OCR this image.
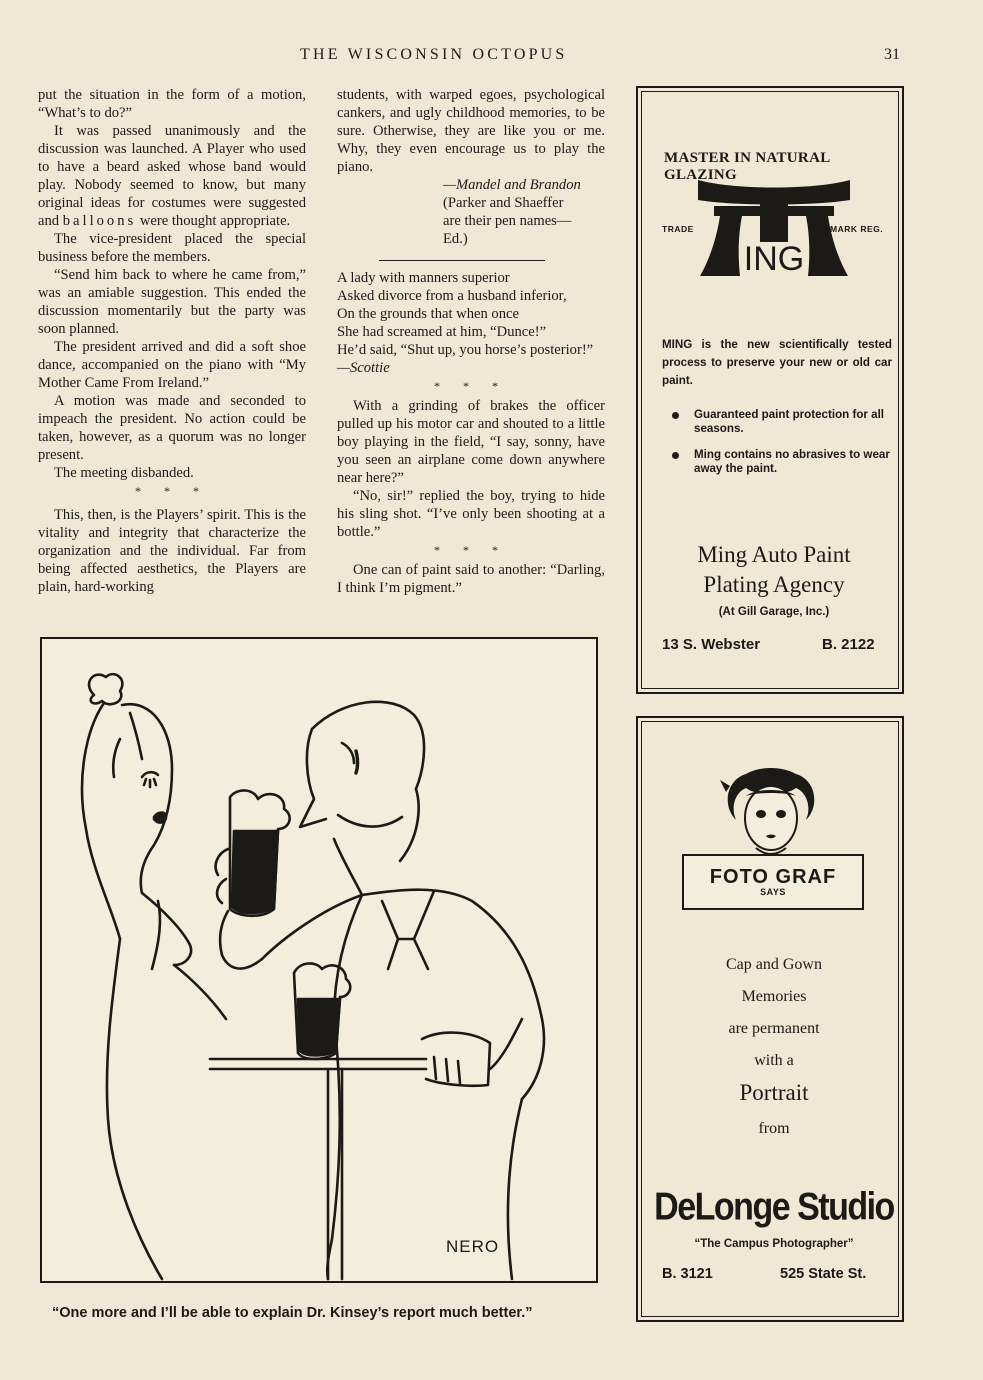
THE WISCONSIN OCTOPUS	31

put the situation in the form of a motion, “What’s to do?”

It was passed unanimously and the discussion was launched. A Player who used to have a beard asked whose band would play. Nobody seemed to know, but many original ideas for costumes were suggested and balloons were thought appropriate.

The vice-president placed the special business before the members.

“Send him back to where he came from,” was an amiable suggestion. This ended the discussion momentarily but the party was soon planned.

The president arrived and did a soft shoe dance, accompanied on the piano with “My Mother Came From Ireland.”

A motion was made and seconded to impeach the president. No action could be taken, however, as a quorum was no longer present.

The meeting disbanded.

* * *

This, then, is the Players’ spirit. This is the vitality and integrity that characterize the organization and the individual. Far from being affected aesthetics, the Players are plain, hard-working

students, with warped egoes, psychological cankers, and ugly childhood memories, to be sure. Otherwise, they are like you or me. Why, they even encourage us to play the piano.

—Mandel and Brandon

(Parker and Shaeffer

are their pen names—

Ed.)

A lady with manners superior

Asked divorce from a husband inferior,

On the grounds that when once

She had screamed at him, “Dunce!”

He’d said, “Shut up, you horse’s posterior!”

—Scottie

* * *

With a grinding of brakes the officer pulled up his motor car and shouted to a little boy playing in the field, “I say, sonny, have you seen an airplane come down anywhere near here?”

“No, sir!” replied the boy, trying to hide his sling shot. “I’ve only been shooting at a bottle.”

* * *

One can of paint said to another: “Darling, I think I’m pigment.”

NERO
“One more and I’ll be able to explain Dr. Kinsey’s report much better.”
MASTER IN NATURAL GLAZING
ING
TRADE	MARK REG.
MING is the new scientifically tested process to preserve your new or old car paint.
Guaranteed paint protection for all seasons.
Ming contains no abrasives to wear away the paint.
Ming Auto Paint
Plating Agency
(At Gill Garage, Inc.)
13 S. Webster	B. 2122
FOTO GRAF
SAYS
Cap and Gown
Memories
are permanent
with a
Portrait
from
DeLonge Studio
“The Campus Photographer”
B. 3121	525 State St.
